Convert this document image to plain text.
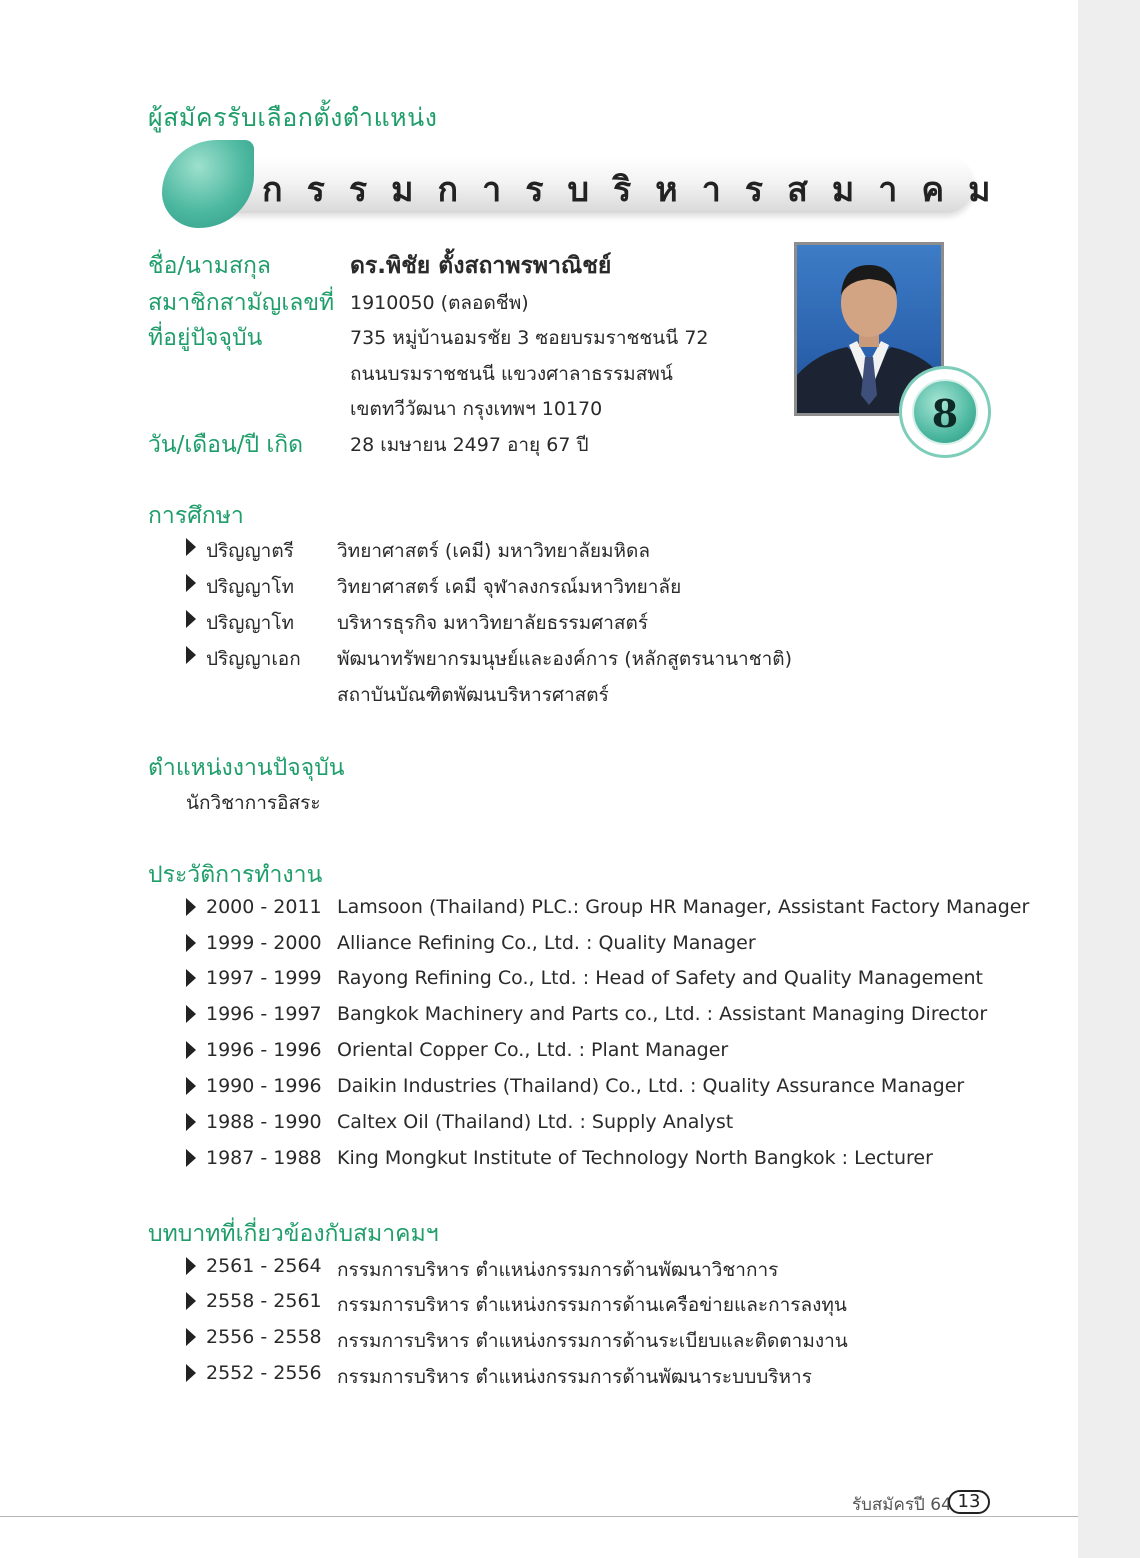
ผู้สมัครรับเลือกตั้งตำแหน่ง
กรรมการบริหารสมาคม
ชื่อ/นามสกุล	ดร.พิชัย ตั้งสถาพรพาณิชย์
สมาชิกสามัญเลขที่ 1910050 (ตลอดชีพ)
ที่อยู่ปัจจุบัน	735 หมู่บ้านอมรชัย 3 ซอยบรมราชชนนี 72
ถนนบรมราชชนนี แขวงศาลาธรรมสพน์
เขตทวีวัฒนา กรุงเทพฯ 10170
วัน/เดือน/ปี เกิด 28 เมษายน 2497 อายุ 67 ปี
8
การศึกษา
ปริญญาตรี วิทยาศาสตร์ (เคมี) มหาวิทยาลัยมหิดล
ปริญญาโท วิทยาศาสตร์ เคมี จุฬาลงกรณ์มหาวิทยาลัย
ปริญญาโท บริหารธุรกิจ มหาวิทยาลัยธรรมศาสตร์
ปริญญาเอก พัฒนาทรัพยากรมนุษย์และองค์การ (หลักสูตรนานาชาติ)
สถาบันบัณฑิตพัฒนบริหารศาสตร์
ตำแหน่งงานปัจจุบัน
นักวิชาการอิสระ
ประวัติการทำงาน
2000 - 2011 Lamsoon (Thailand) PLC.: Group HR Manager, Assistant Factory Manager
1999 - 2000 Alliance Refining Co., Ltd. : Quality Manager
1997 - 1999 Rayong Refining Co., Ltd. : Head of Safety and Quality Management
1996 - 1997 Bangkok Machinery and Parts co., Ltd. : Assistant Managing Director
1996 - 1996 Oriental Copper Co., Ltd. : Plant Manager
1990 - 1996 Daikin Industries (Thailand) Co., Ltd. : Quality Assurance Manager
1988 - 1990 Caltex Oil (Thailand) Ltd. : Supply Analyst
1987 - 1988 King Mongkut Institute of Technology North Bangkok : Lecturer
บทบาทที่เกี่ยวข้องกับสมาคมฯ
2561 - 2564 กรรมการบริหาร ตำแหน่งกรรมการด้านพัฒนาวิชาการ
2558 - 2561 กรรมการบริหาร ตำแหน่งกรรมการด้านเครือข่ายและการลงทุน
2556 - 2558 กรรมการบริหาร ตำแหน่งกรรมการด้านระเบียบและติดตามงาน
2552 - 2556 กรรมการบริหาร ตำแหน่งกรรมการด้านพัฒนาระบบบริหาร
รับสมัครปี 64 13
